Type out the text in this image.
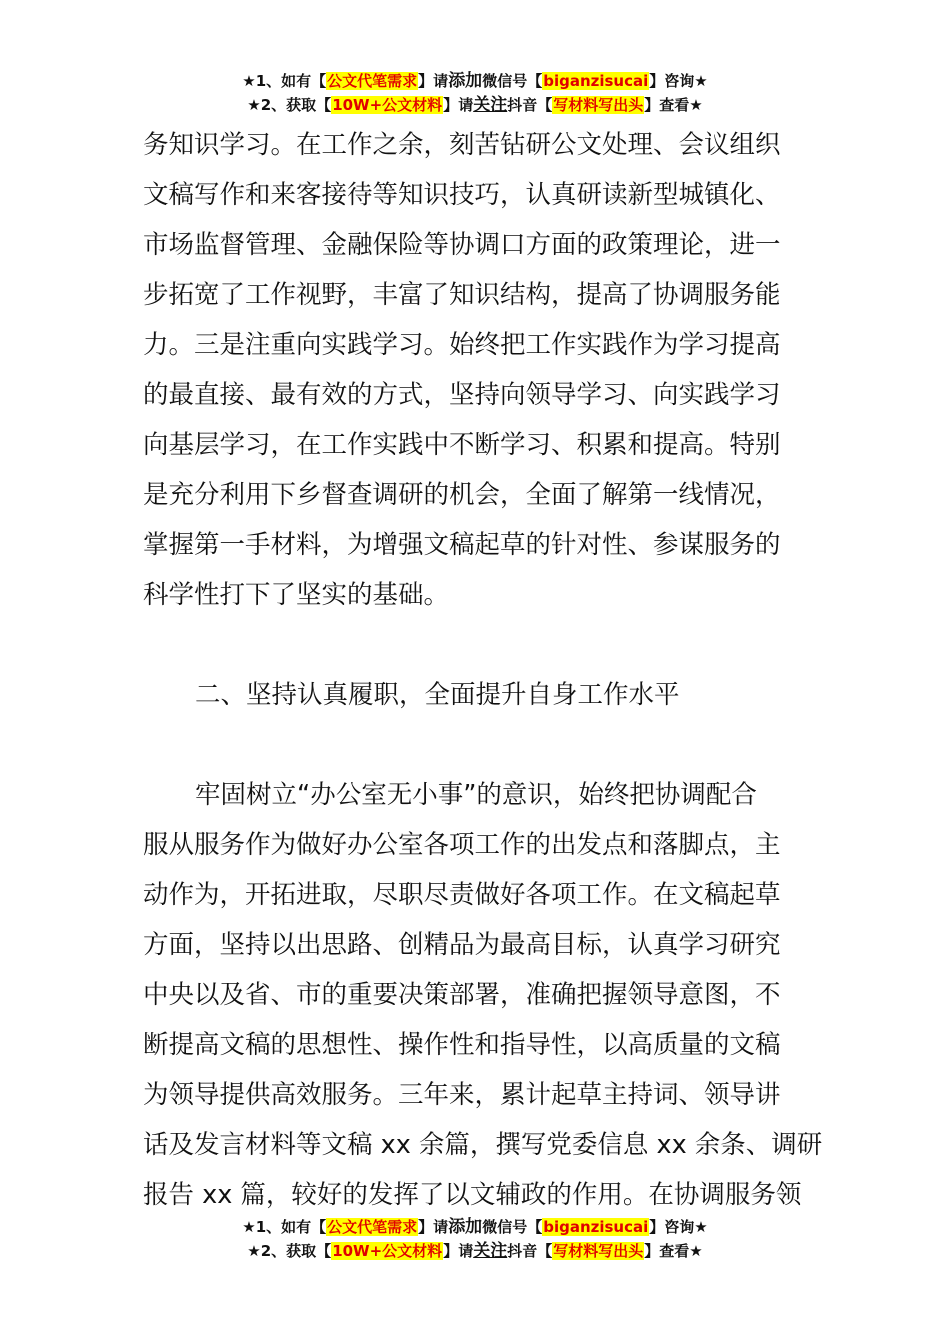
★1、如有【公文代笔需求】请添加微信号【biganzisucai】咨询★
★2、获取【10W+公文材料】请关注抖音【写材料写出头】查看★

务知识学习。在工作之余，刻苦钻研公文处理、会议组织
文稿写作和来客接待等知识技巧，认真研读新型城镇化、
市场监督管理、金融保险等协调口方面的政策理论，进一
步拓宽了工作视野，丰富了知识结构，提高了协调服务能
力。三是注重向实践学习。始终把工作实践作为学习提高
的最直接、最有效的方式，坚持向领导学习、向实践学习
向基层学习，在工作实践中不断学习、积累和提高。特别
是充分利用下乡督查调研的机会，全面了解第一线情况，
掌握第一手材料，为增强文稿起草的针对性、参谋服务的
科学性打下了坚实的基础。

二、坚持认真履职，全面提升自身工作水平

牢固树立“办公室无小事”的意识，始终把协调配合
服从服务作为做好办公室各项工作的出发点和落脚点，主
动作为，开拓进取，尽职尽责做好各项工作。在文稿起草
方面，坚持以出思路、创精品为最高目标，认真学习研究
中央以及省、市的重要决策部署，准确把握领导意图，不
断提高文稿的思想性、操作性和指导性，以高质量的文稿
为领导提供高效服务。三年来，累计起草主持词、领导讲
话及发言材料等文稿 xx 余篇，撰写党委信息 xx 余条、调研
报告 xx 篇，较好的发挥了以文辅政的作用。在协调服务领

★1、如有【公文代笔需求】请添加微信号【biganzisucai】咨询★
★2、获取【10W+公文材料】请关注抖音【写材料写出头】查看★
